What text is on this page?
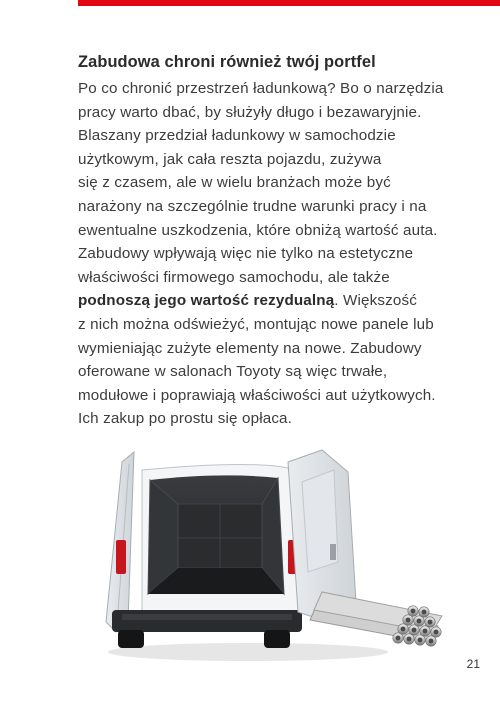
Zabudowa chroni również twój portfel
Po co chronić przestrzeń ładunkową? Bo o narzędzia
pracy warto dbać, by służyły długo i bezawaryjnie.
Blaszany przedział ładunkowy w samochodzie
użytkowym, jak cała reszta pojazdu, zużywa
się z czasem, ale w wielu branżach może być
narażony na szczególnie trudne warunki pracy i na
ewentualne uszkodzenia, które obniżą wartość auta.
Zabudowy wpływają więc nie tylko na estetyczne
właściwości firmowego samochodu, ale także
podnoszą jego wartość rezydualną. Większość
z nich można odświeżyć, montując nowe panele lub
wymieniając zużyte elementy na nowe. Zabudowy
oferowane w salonach Toyoty są więc trwałe,
modułowe i poprawiają właściwości aut użytkowych.
Ich zakup po prostu się opłaca.
21
